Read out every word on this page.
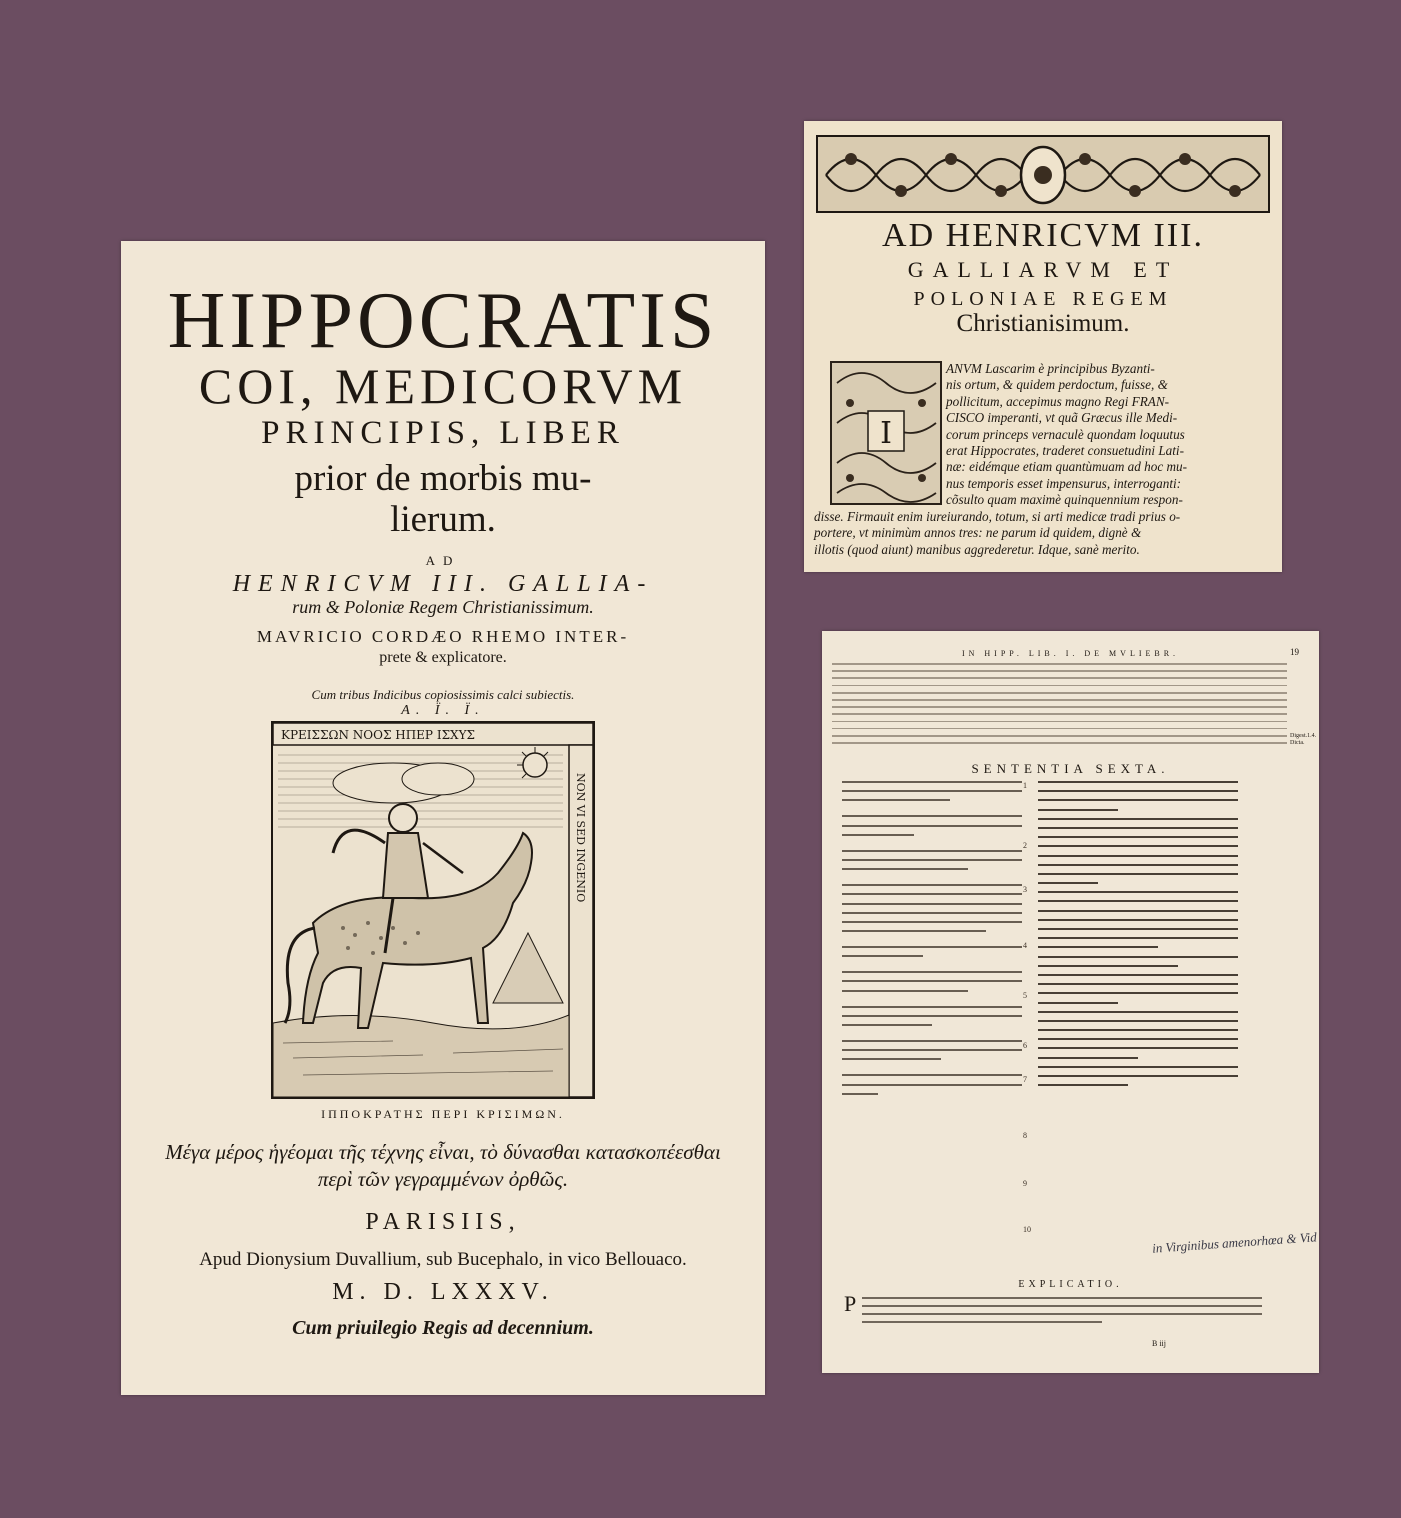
HIPPOCRATIS
COI, MEDICORVM
PRINCIPIS, LIBER
prior de morbis mu-
lierum.
AD
HENRICVM III. GALLIA-
rum & Poloniæ Regem Christianissimum.
MAVRICIO CORDÆO RHEMO INTER-
prete & explicatore.
Cum tribus Indicibus copiosissimis calci subiectis.
A. Ϊ. Ϊ.
ΚΡΕΙΣΣΩΝ ΝΟΟΣ ΗΠΕΡ ΙΣΧΥΣ
NON VI SED INGENIO
ΙΠΠΟΚΡΑΤΗΣ ΠΕΡΙ ΚΡΙΣΙΜΩΝ.
Μέγα μέρος ἡγέομαι τῆς τέχνης εἶναι, τὸ δύνασθαι κατασκοπέεσθαι
περὶ τῶν γεγραμμένων ὀρθῶς.
PARISIIS,
Apud Dionysium Duvallium, sub Bucephalo, in vico Bellouaco.
M. D. LXXXV.
Cum priuilegio Regis ad decennium.
AD HENRICVM III.
GALLIARVM ET
POLONIAE REGEM
Christianisimum.
I
ANVM Lascarim è principibus Byzanti-
nis ortum, & quidem perdoctum, fuisse, &
pollicitum, accepimus magno Regi FRAN-
CISCO imperanti, vt quã Græcus ille Medi-
corum princeps vernaculè quondam loquutus
erat Hippocrates, traderet consuetudini Lati-
næ: eidémque etiam quantùmuam ad hoc mu-
nus temporis esset impensurus, interroganti:
cõsulto quam maximè quinquennium respon-
disse. Firmauit enim iureiurando, totum, si arti medicæ tradi prius o-
portere, vt minimùm annos tres: ne parum id quidem, dignè &
illotis (quod aiunt) manibus aggrederetur. Idque, sanè merito.
IN HIPP. LIB. I. DE MVLIEBR.	19
Digest.1.4. Dicta.
SENTENTIA SEXTA.
1
2
3
4
5
6
7
8
9
10	in Virginibus amenorhœa & Vid
EXPLICATIO.
P
B iij
